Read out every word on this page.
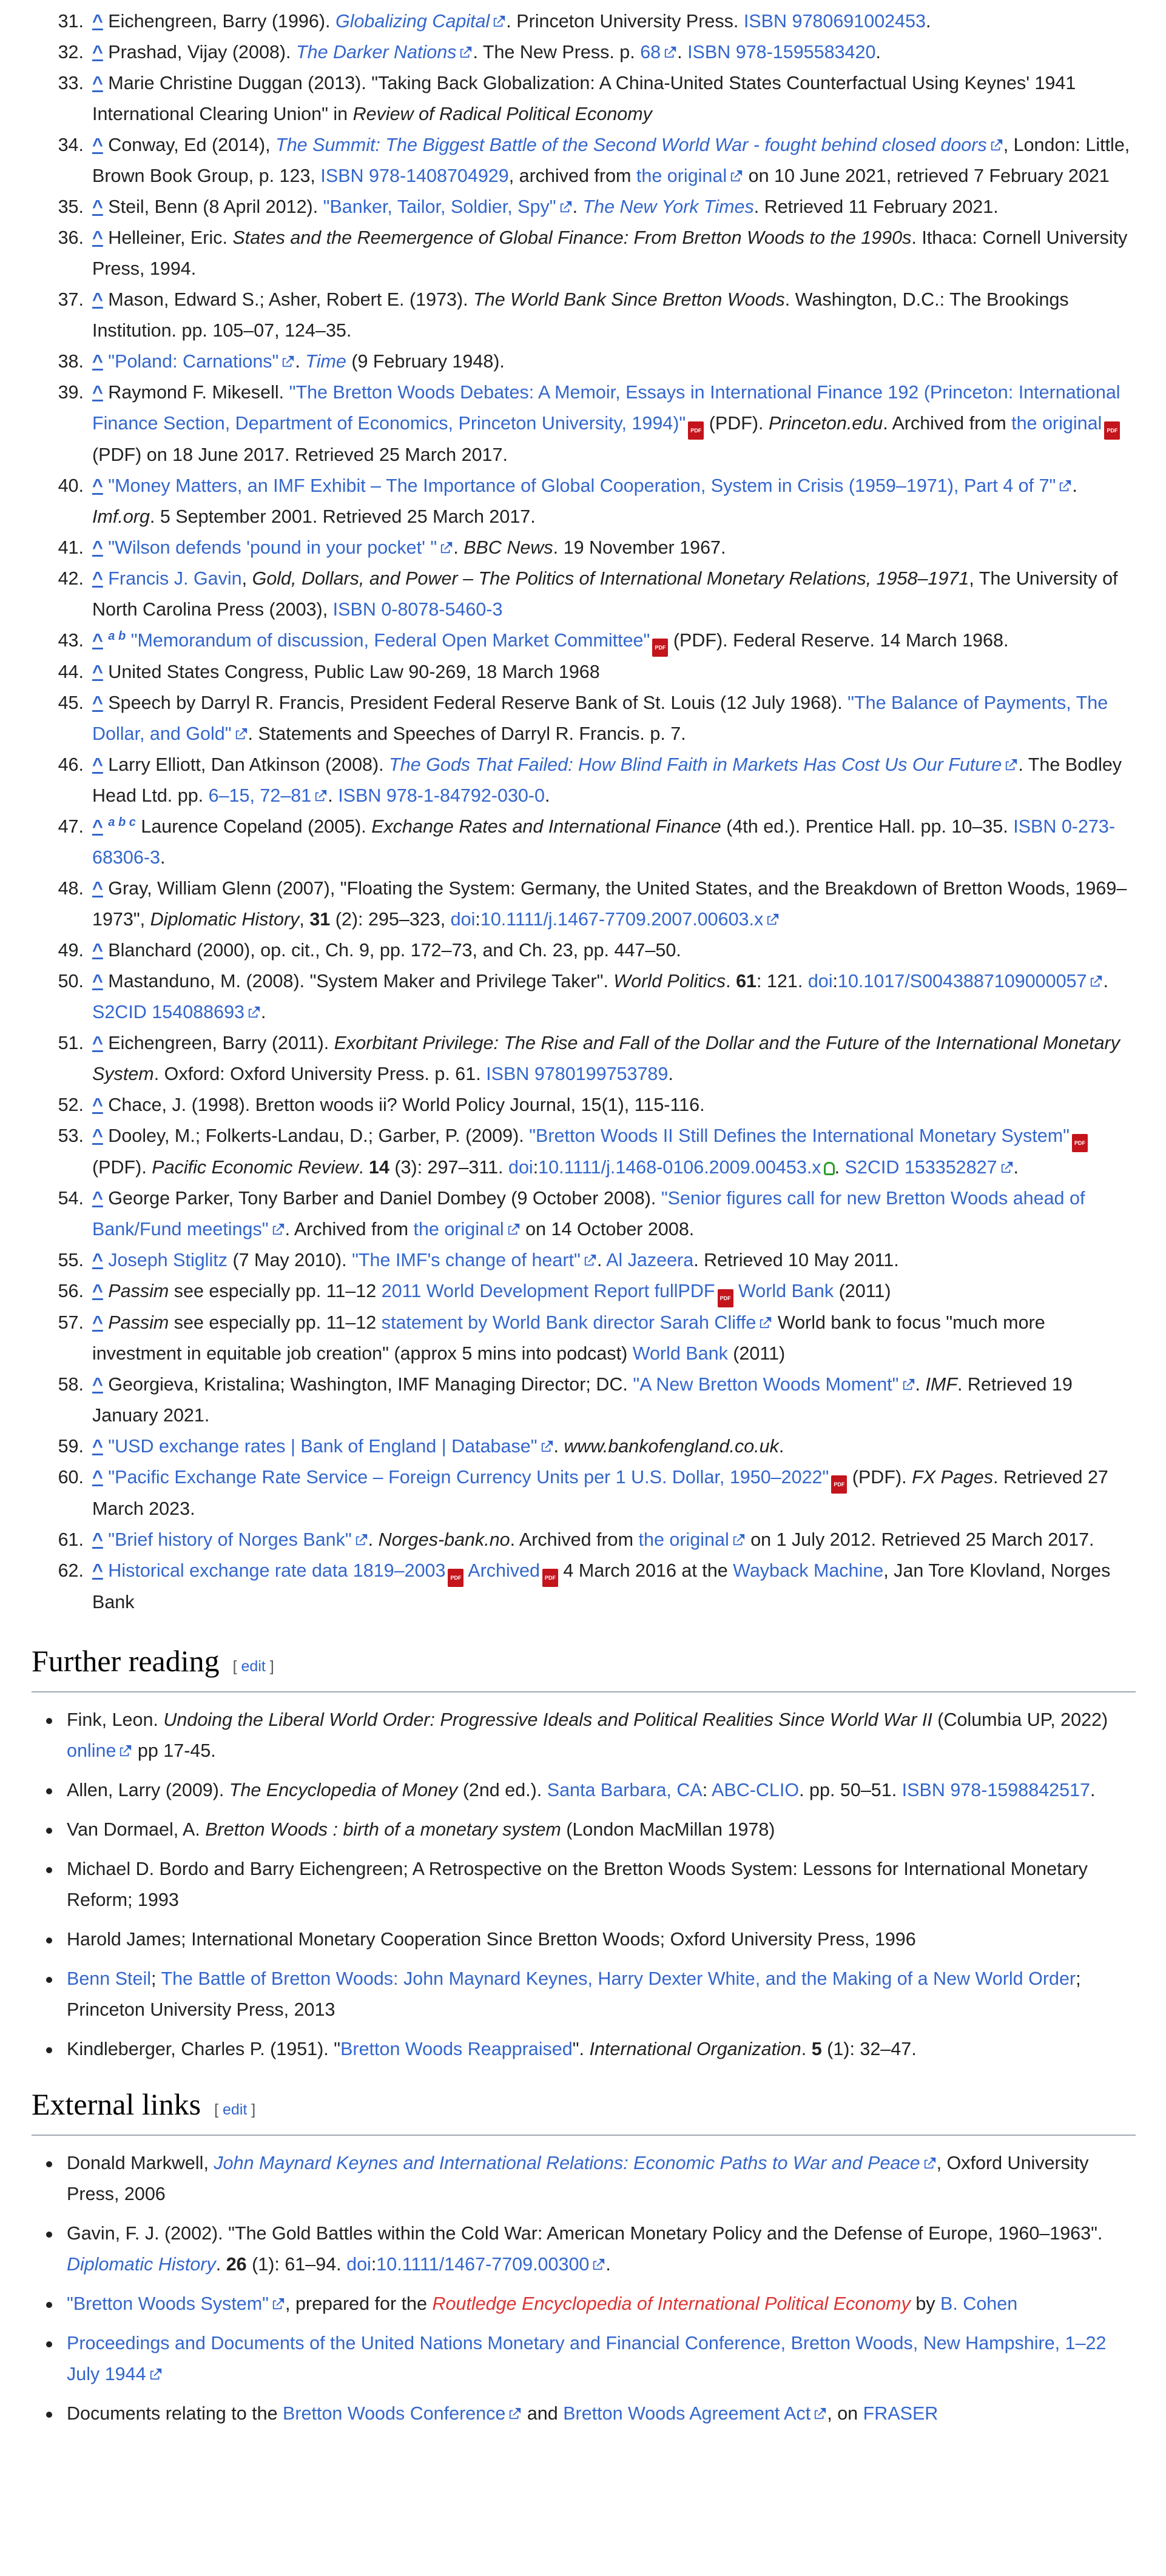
31. ^ Eichengreen, Barry (1996). Globalizing Capital . Princeton University Press. ISBN 9780691002453.
32. ^ Prashad, Vijay (2008). The Darker Nations . The New Press. p. 68 . ISBN 978-1595583420.
33. ^ Marie Christine Duggan (2013). "Taking Back Globalization: A China-United States Counterfactual Using Keynes' 1941 International Clearing Union" in Review of Radical Political Economy
34. ^ Conway, Ed (2014), The Summit: The Biggest Battle of the Second World War - fought behind closed doors , London: Little, Brown Book Group, p. 123, ISBN 978-1408704929, archived from the original on 10 June 2021, retrieved 7 February 2021
35. ^ Steil, Benn (8 April 2012). "Banker, Tailor, Soldier, Spy" . The New York Times. Retrieved 11 February 2021.
36. ^ Helleiner, Eric. States and the Reemergence of Global Finance: From Bretton Woods to the 1990s. Ithaca: Cornell University Press, 1994.
37. ^ Mason, Edward S.; Asher, Robert E. (1973). The World Bank Since Bretton Woods. Washington, D.C.: The Brookings Institution. pp. 105–07, 124–35.
38. ^ "Poland: Carnations" . Time (9 February 1948).
39. ^ Raymond F. Mikesell. "The Bretton Woods Debates: A Memoir, Essays in International Finance 192 (Princeton: International Finance Section, Department of Economics, Princeton University, 1994)" PDF (PDF). Princeton.edu. Archived from the original PDF (PDF) on 18 June 2017. Retrieved 25 March 2017.
40. ^ "Money Matters, an IMF Exhibit – The Importance of Global Cooperation, System in Crisis (1959–1971), Part 4 of 7" . Imf.org. 5 September 2001. Retrieved 25 March 2017.
41. ^ "Wilson defends 'pound in your pocket' " . BBC News. 19 November 1967.
42. ^ Francis J. Gavin, Gold, Dollars, and Power – The Politics of International Monetary Relations, 1958–1971, The University of North Carolina Press (2003), ISBN 0-8078-5460-3
43. ^ $^{a b}$ "Memorandum of discussion, Federal Open Market Committee" PDF (PDF). Federal Reserve. 14 March 1968.
44. ^ United States Congress, Public Law 90-269, 18 March 1968
45. ^ Speech by Darryl R. Francis, President Federal Reserve Bank of St. Louis (12 July 1968). "The Balance of Payments, The Dollar, and Gold" . Statements and Speeches of Darryl R. Francis. p. 7.
46. ^ Larry Elliott, Dan Atkinson (2008). The Gods That Failed: How Blind Faith in Markets Has Cost Us Our Future . The Bodley Head Ltd. pp. 6–15, 72–81 . ISBN 978-1-84792-030-0.
47. ^ $^{a b c}$ Laurence Copeland (2005). Exchange Rates and International Finance (4th ed.). Prentice Hall. pp. 10–35. ISBN 0-273-68306-3.
48. ^ Gray, William Glenn (2007), "Floating the System: Germany, the United States, and the Breakdown of Bretton Woods, 1969–1973", Diplomatic History, 31 (2): 295–323, doi:10.1111/j.1467-7709.2007.00603.x
49. ^ Blanchard (2000), op. cit., Ch. 9, pp. 172–73, and Ch. 23, pp. 447–50.
50. ^ Mastanduno, M. (2008). "System Maker and Privilege Taker". World Politics. 61: 121. doi:10.1017/S0043887109000057 . S2CID 154088693 .
51. ^ Eichengreen, Barry (2011). Exorbitant Privilege: The Rise and Fall of the Dollar and the Future of the International Monetary System. Oxford: Oxford University Press. p. 61. ISBN 9780199753789.
52. ^ Chace, J. (1998). Bretton woods ii? World Policy Journal, 15(1), 115-116.
53. ^ Dooley, M.; Folkerts-Landau, D.; Garber, P. (2009). "Bretton Woods II Still Defines the International Monetary System" PDF (PDF). Pacific Economic Review. 14 (3): 297–311. doi:10.1111/j.1468-0106.2009.00453.x . S2CID 153352827 .
54. ^ George Parker, Tony Barber and Daniel Dombey (9 October 2008). "Senior figures call for new Bretton Woods ahead of Bank/Fund meetings" . Archived from the original on 14 October 2008.
55. ^ Joseph Stiglitz (7 May 2010). "The IMF's change of heart" . Al Jazeera. Retrieved 10 May 2011.
56. ^ Passim see especially pp. 11–12 2011 World Development Report fullPDF PDF World Bank (2011)
57. ^ Passim see especially pp. 11–12 statement by World Bank director Sarah Cliffe World bank to focus "much more investment in equitable job creation" (approx 5 mins into podcast) World Bank (2011)
58. ^ Georgieva, Kristalina; Washington, IMF Managing Director; DC. "A New Bretton Woods Moment" . IMF. Retrieved 19 January 2021.
59. ^ "USD exchange rates | Bank of England | Database" . www.bankofengland.co.uk.
60. ^ "Pacific Exchange Rate Service – Foreign Currency Units per 1 U.S. Dollar, 1950–2022" PDF (PDF). FX Pages. Retrieved 27 March 2023.
61. ^ "Brief history of Norges Bank" . Norges-bank.no. Archived from the original on 1 July 2012. Retrieved 25 March 2017.
62. ^ Historical exchange rate data 1819–2003 PDF Archived PDF 4 March 2016 at the Wayback Machine, Jan Tore Klovland, Norges Bank
Further reading [ edit ]
Fink, Leon. Undoing the Liberal World Order: Progressive Ideals and Political Realities Since World War II (Columbia UP, 2022) online pp 17-45.
Allen, Larry (2009). The Encyclopedia of Money (2nd ed.). Santa Barbara, CA: ABC-CLIO. pp. 50–51. ISBN 978-1598842517.
Van Dormael, A. Bretton Woods : birth of a monetary system (London MacMillan 1978)
Michael D. Bordo and Barry Eichengreen; A Retrospective on the Bretton Woods System: Lessons for International Monetary Reform; 1993
Harold James; International Monetary Cooperation Since Bretton Woods; Oxford University Press, 1996
Benn Steil; The Battle of Bretton Woods: John Maynard Keynes, Harry Dexter White, and the Making of a New World Order; Princeton University Press, 2013
Kindleberger, Charles P. (1951). "Bretton Woods Reappraised". International Organization. 5 (1): 32–47.
External links [ edit ]
Donald Markwell, John Maynard Keynes and International Relations: Economic Paths to War and Peace , Oxford University Press, 2006
Gavin, F. J. (2002). "The Gold Battles within the Cold War: American Monetary Policy and the Defense of Europe, 1960–1963". Diplomatic History. 26 (1): 61–94. doi:10.1111/1467-7709.00300 .
"Bretton Woods System" , prepared for the Routledge Encyclopedia of International Political Economy by B. Cohen
Proceedings and Documents of the United Nations Monetary and Financial Conference, Bretton Woods, New Hampshire, 1–22 July 1944
Documents relating to the Bretton Woods Conference and Bretton Woods Agreement Act , on FRASER
